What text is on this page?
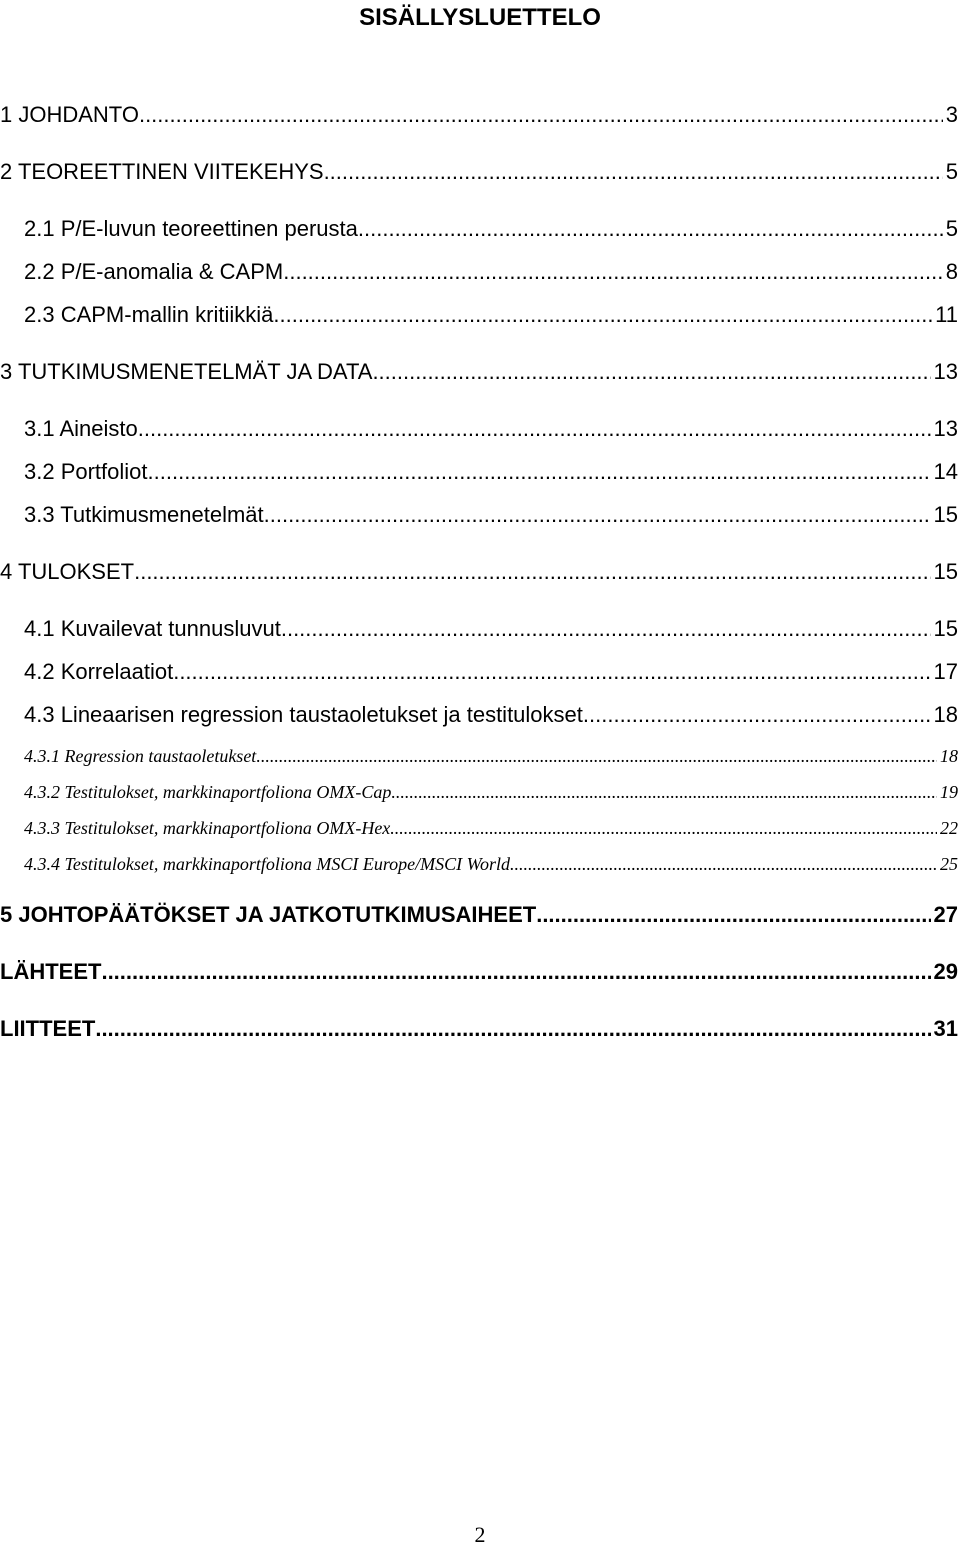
SISÄLLYSLUETTELO
1 JOHDANTO .....	3
2 TEOREETTINEN VIITEKEHYS .....	5
2.1 P/E-luvun teoreettinen perusta .....	5
2.2 P/E-anomalia & CAPM .....	8
2.3 CAPM-mallin kritiikkiä .....	11
3 TUTKIMUSMENETELMÄT JA DATA .....	13
3.1 Aineisto .....	13
3.2 Portfoliot .....	14
3.3 Tutkimusmenetelmät .....	15
4 TULOKSET .....	15
4.1 Kuvailevat tunnusluvut .....	15
4.2 Korrelaatiot .....	17
4.3 Lineaarisen regression taustaoletukset ja testitulokset .....	18
4.3.1 Regression taustaoletukset .....	18
4.3.2 Testitulokset, markkinaportfoliona OMX-Cap .....	19
4.3.3 Testitulokset, markkinaportfoliona OMX-Hex .....	22
4.3.4 Testitulokset, markkinaportfoliona MSCI Europe/MSCI World .....	25
5 JOHTOPÄÄTÖKSET JA JATKOTUTKIMUSAIHEET .....	27
LÄHTEET .....	29
LIITTEET .....	31
2
